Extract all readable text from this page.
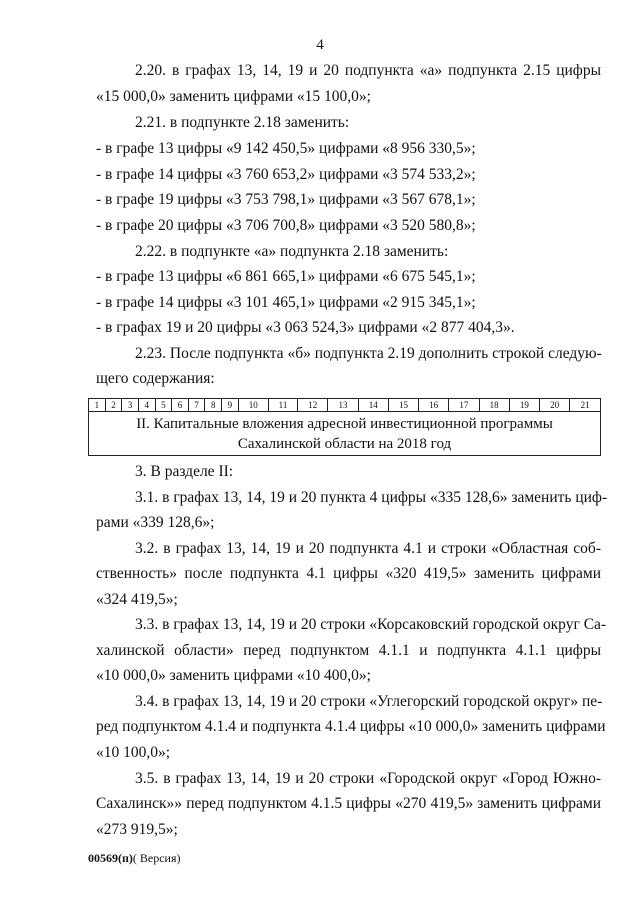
4
2.20. в графах 13, 14, 19 и 20 подпункта «а» подпункта 2.15 цифры
«15 000,0» заменить цифрами «15 100,0»;
2.21. в подпункте 2.18 заменить:
- в графе 13 цифры «9 142 450,5» цифрами «8 956 330,5»;
- в графе 14 цифры «3 760 653,2» цифрами «3 574 533,2»;
- в графе 19 цифры «3 753 798,1» цифрами «3 567 678,1»;
- в графе 20 цифры «3 706 700,8» цифрами «3 520 580,8»;
2.22. в подпункте «а» подпункта 2.18 заменить:
- в графе 13 цифры «6 861 665,1» цифрами «6 675 545,1»;
- в графе 14 цифры «3 101 465,1» цифрами «2 915 345,1»;
- в графах 19 и 20 цифры «3 063 524,3» цифрами «2 877 404,3».
2.23. После подпункта «б» подпункта 2.19 дополнить строкой следую-
щего содержания:
1	2	3	4	5	6	7	8	9	10	11	12	13	14	15	16	17	18	19	20	21

II. Капитальные вложения адресной инвестиционной программы
Сахалинской области на 2018 год
3. В разделе II:
3.1. в графах 13, 14, 19 и 20 пункта 4 цифры «335 128,6» заменить циф-
рами «339 128,6»;
3.2. в графах 13, 14, 19 и 20 подпункта 4.1 и строки «Областная соб-
ственность» после подпункта 4.1 цифры «320 419,5» заменить цифрами
«324 419,5»;
3.3. в графах 13, 14, 19 и 20 строки «Корсаковский городской округ Са-
халинской области» перед подпунктом 4.1.1 и подпункта 4.1.1 цифры
«10 000,0» заменить цифрами «10 400,0»;
3.4. в графах 13, 14, 19 и 20 строки «Углегорский городской округ» пе-
ред подпунктом 4.1.4 и подпункта 4.1.4 цифры «10 000,0» заменить цифрами
«10 100,0»;
3.5. в графах 13, 14, 19 и 20 строки «Городской округ «Город Южно-
Сахалинск»» перед подпунктом 4.1.5 цифры «270 419,5» заменить цифрами
«273 919,5»;
00569(п)( Версия)
